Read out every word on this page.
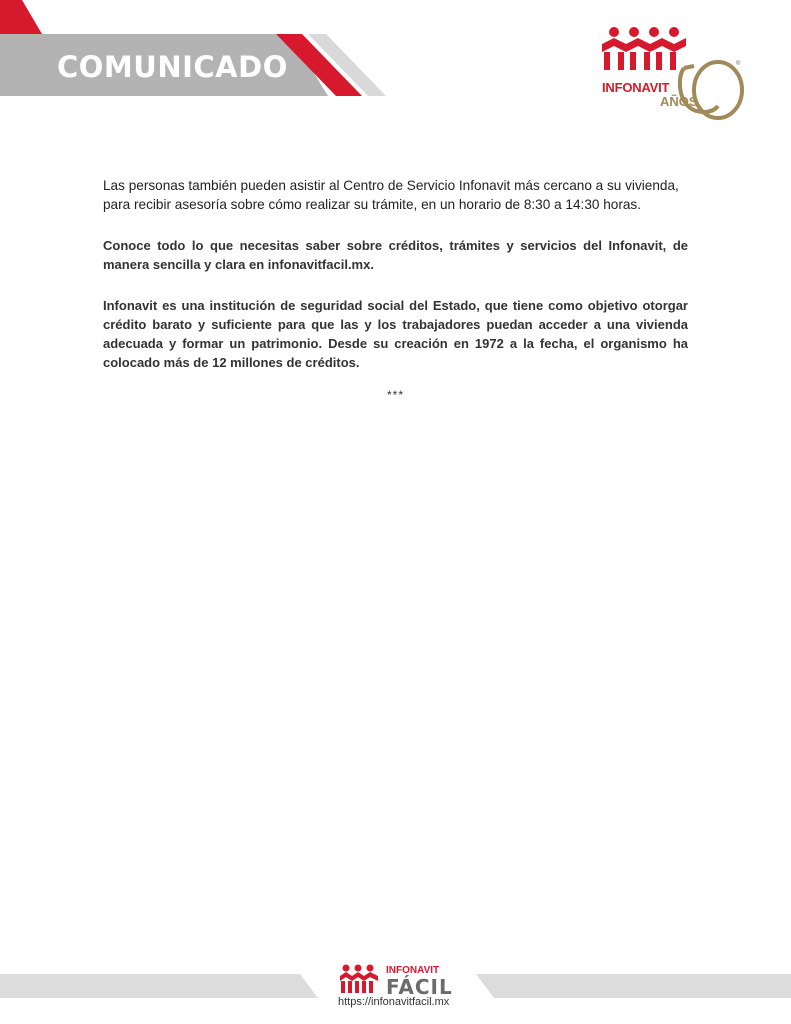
COMUNICADO
INFONAVIT
AÑOS
®

Las personas también pueden asistir al Centro de Servicio Infonavit más cercano a su vivienda, para recibir asesoría sobre cómo realizar su trámite, en un horario de 8:30 a 14:30 horas.

Conoce todo lo que necesitas saber sobre créditos, trámites y servicios del Infonavit, de manera sencilla y clara en infonavitfacil.mx.

Infonavit es una institución de seguridad social del Estado, que tiene como objetivo otorgar crédito barato y suficiente para que las y los trabajadores puedan acceder a una vivienda adecuada y formar un patrimonio. Desde su creación en 1972 a la fecha, el organismo ha colocado más de 12 millones de créditos.

***
INFONAVIT
FÁCIL
https://infonavitfacil.mx
